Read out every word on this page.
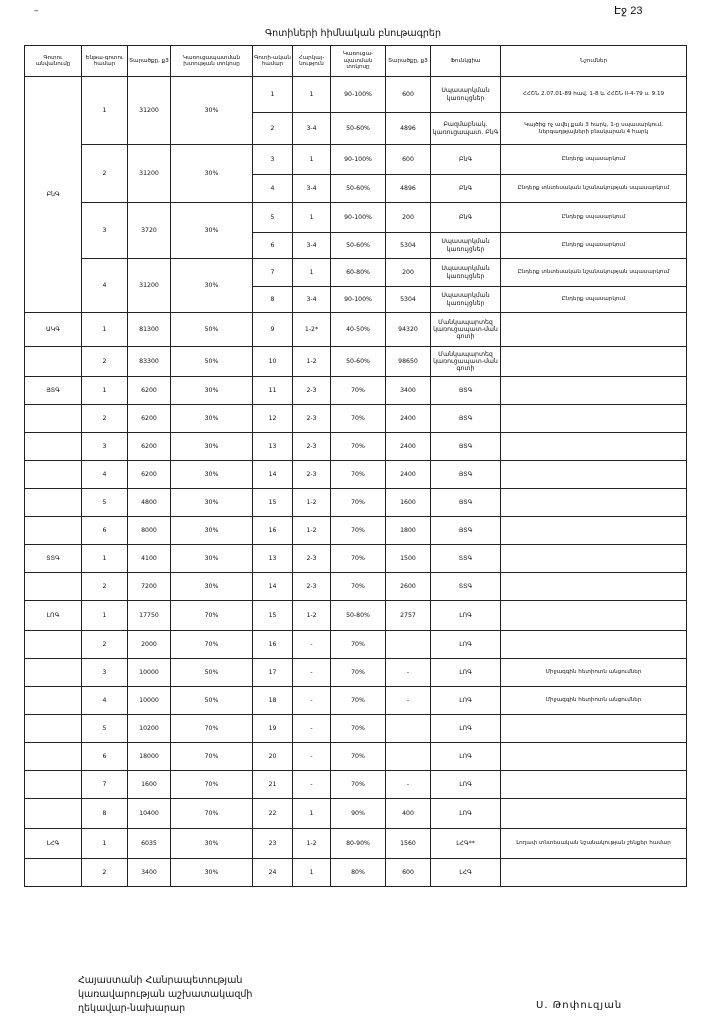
–	Էջ 23
Գոտիների հիմնական բնութագրեր
Գոտու անվանումը	Ենթա-գոտու համար	Տարածքը, ք3	Կառուցապատման խտության տոկոսը	Գոտի-ական համար	Հարկայ-նություն	Կառուցա-պատման տոկոսը	Տարածքը, ք3	Ֆունկցիա	Նշումներ
ԲնԳ	1	31200	30%	1	1	90-100%	600	Սպասարկման կառույցներ	ՀՀՇՆ 2.07.01-89 հավ. 1-8 և ՀՀՇՆ II-4-79 ս. 9.19
				2	3-4	50-60%	4896	Բազմաբնակ. կառուցապատ. ԲնԳ	Կայծից ոչ ավել քան 3 հարկ, 1-ը սպասարկում, ներգաղթյալների բնակարան 4 հարկ
	2	31200	30%	3	1	90-100%	600	ԲնԳ	Ընդերք սպասարկում
				4	3-4	50-60%	4896	ԲնԳ	Ընդերք տնտեսական նշանակության սպասարկում
	3	3720	30%	5	1	90-100%	200	ԲնԳ	Ընդերք սպասարկում
				6	3-4	50-60%	5304	Սպասարկման կառույցներ	Ընդերք սպասարկում
	4	31200	30%	7	1	60-80%	200	Սպասարկման կառույցներ	Ընդերք տնտեսական նշանակության սպասարկում
				8	3-4	90-100%	5304	Սպասարկման կառույցներ	Ընդերք սպասարկում
ԱԿԳ	1	81300	50%	9	1-2*	40-50%	94320	Մանկապարտեզ կառուցապատ-ման գոտի	
	2	83300	50%	10	1-2	50-60%	98650	Մանկապարտեզ կառուցապատ-ման գոտի	
ՅՏԳ	1	6200	30%	11	2-3	70%	3400	ՅՏԳ	
	2	6200	30%	12	2-3	70%	2400	ՅՏԳ	
	3	6200	30%	13	2-3	70%	2400	ՅՏԳ	
	4	6200	30%	14	2-3	70%	2400	ՅՏԳ	
	5	4800	30%	15	1-2	70%	1600	ՅՏԳ	
	6	8000	30%	16	1-2	70%	1800	ՅՏԳ	
ՏՏԳ	1	4100	30%	13	2-3	70%	1500	ՏՏԳ	
	2	7200	30%	14	2-3	70%	2600	ՏՏԳ	
ԼՈԳ	1	17750	70%	15	1-2	50-80%	2757	ԼՈԳ	
	2	2000	70%	16	-	70%		ԼՈԳ	
	3	10000	50%	17	-	70%	-	ԼՈԳ	Միջազգին հետիոտն անցումներ
	4	10000	50%	18	-	70%	-	ԼՈԳ	Միջազգին հետիոտն անցումներ
	5	10200	70%	19	-	70%		ԼՈԳ	
	6	18000	70%	20	-	70%		ԼՈԳ	
	7	1600	70%	21	-	70%	-	ԼՈԳ	
	8	10400	70%	22	1	90%	400	ԼՈԳ	
ԼՀԳ	1	6035	30%	23	1-2	80-90%	1560	ԼՀԳ**	Լողափ տնտեսական նշանակության շենքեր համար
	2	3400	30%	24	1	80%	600	ԼՀԳ	
Հայաստանի Հանրապետության
կառավարության աշխատակազմի
ղեկավար-նախարար	Ս. Թոփուզյան
